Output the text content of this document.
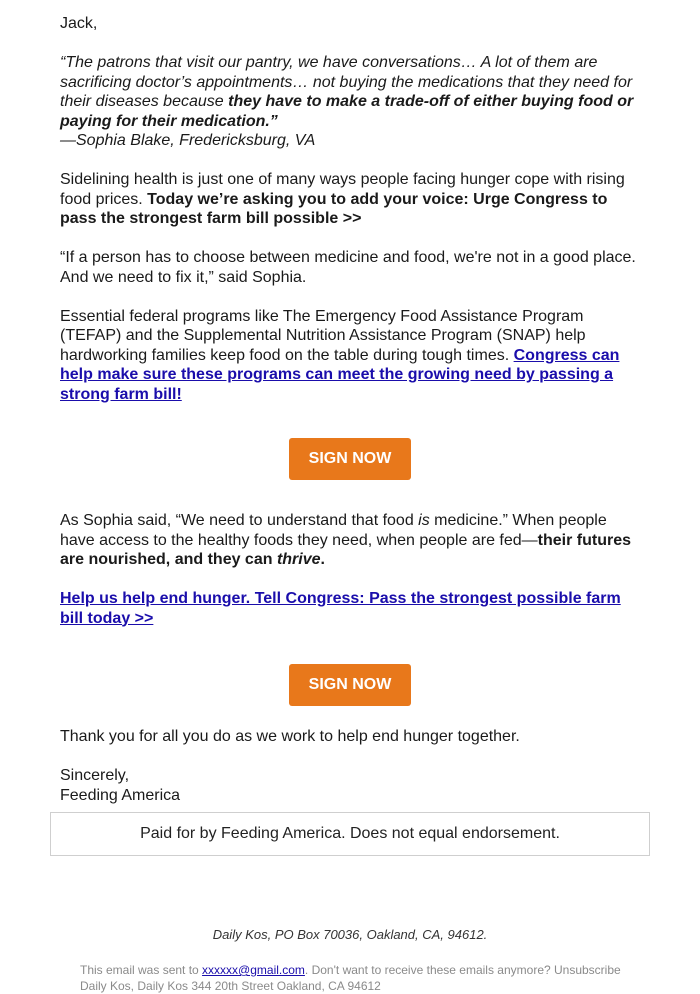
Jack,

“The patrons that visit our pantry, we have conversations… A lot of them are sacrificing doctor’s appointments… not buying the medications that they need for their diseases because they have to make a trade-off of either buying food or paying for their medication.”
—Sophia Blake, Fredericksburg, VA

Sidelining health is just one of many ways people facing hunger cope with rising food prices. Today we’re asking you to add your voice: Urge Congress to pass the strongest farm bill possible >>

“If a person has to choose between medicine and food, we're not in a good place. And we need to fix it,” said Sophia.

Essential federal programs like The Emergency Food Assistance Program (TEFAP) and the Supplemental Nutrition Assistance Program (SNAP) help hardworking families keep food on the table during tough times. Congress can help make sure these programs can meet the growing need by passing a strong farm bill!

SIGN NOW

As Sophia said, “We need to understand that food is medicine.” When people have access to the healthy foods they need, when people are fed—their futures are nourished, and they can thrive.

Help us help end hunger. Tell Congress: Pass the strongest possible farm bill today >>

SIGN NOW

Thank you for all you do as we work to help end hunger together.

Sincerely,

Feeding America

Paid for by Feeding America. Does not equal endorsement.
Daily Kos, PO Box 70036, Oakland, CA, 94612.
This email was sent to xxxxxx@gmail.com. Don't want to receive these emails anymore? Unsubscribe
Daily Kos, Daily Kos 344 20th Street Oakland, CA 94612
